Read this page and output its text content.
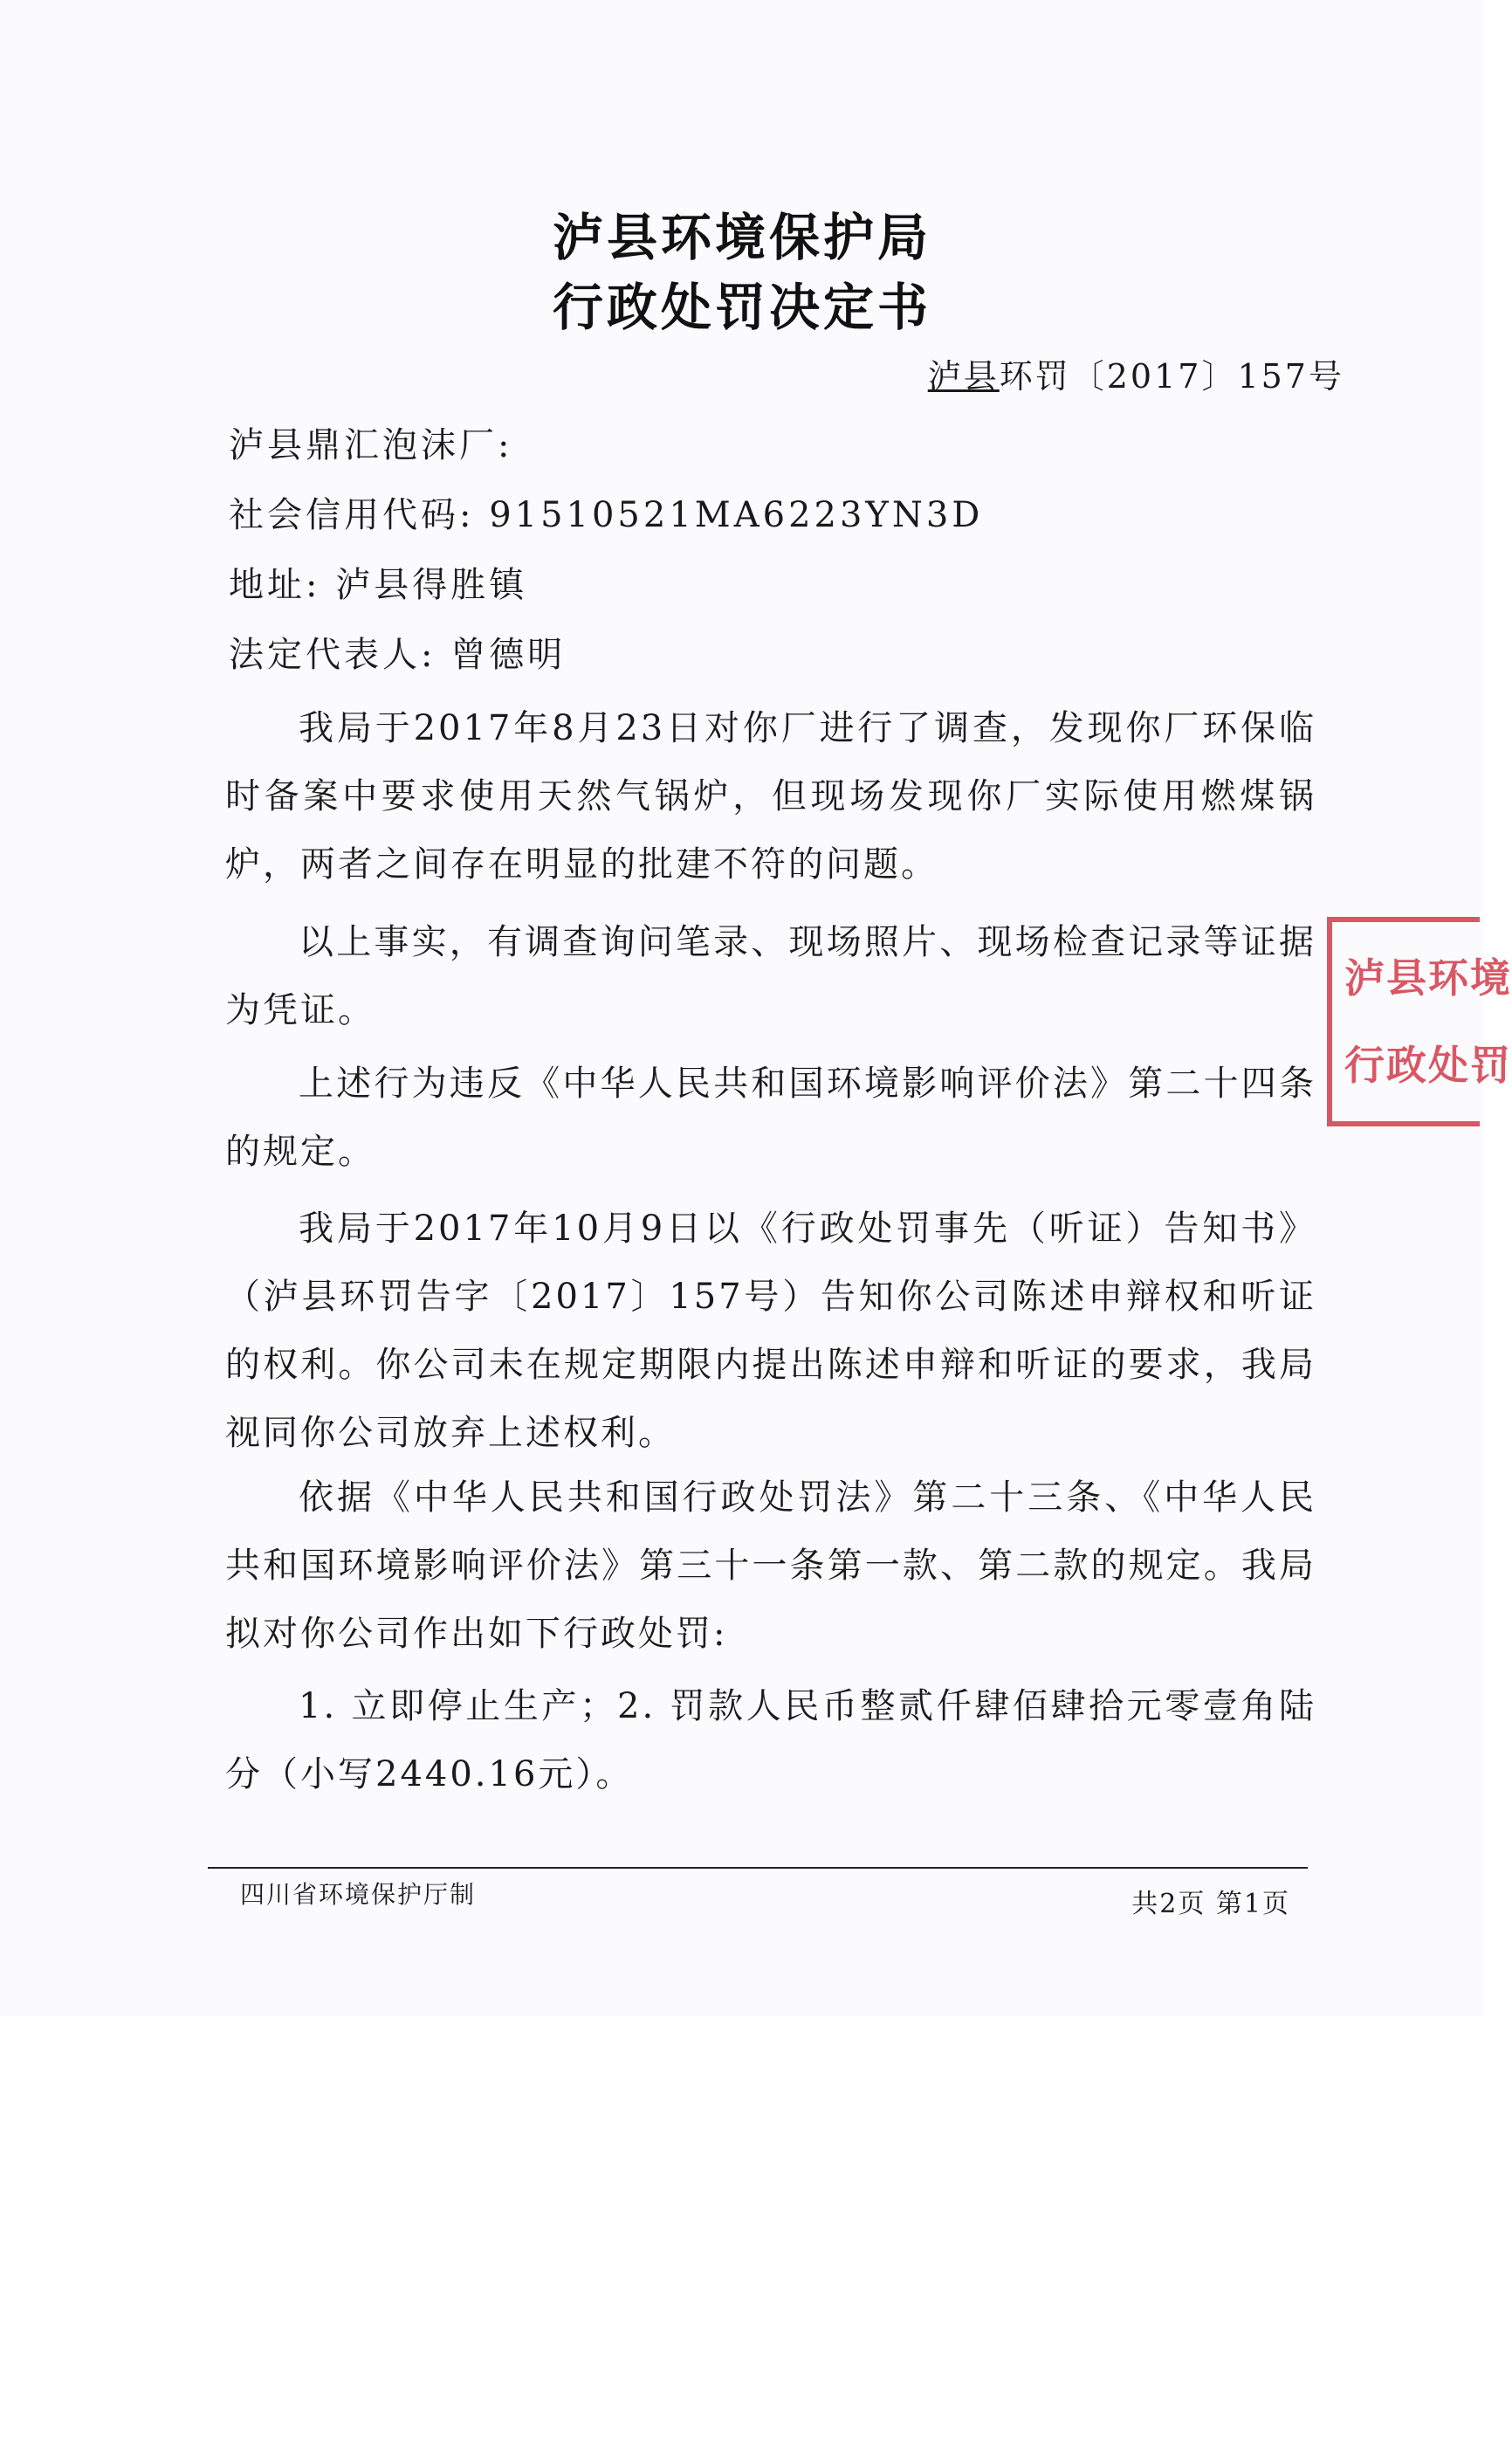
泸县环境保护局
行政处罚决定书
泸县环罚〔2017〕157号
泸县鼎汇泡沫厂:
社会信用代码: 91510521MA6223YN3D
地址: 泸县得胜镇
法定代表人: 曾德明

我局于2017年8月23日对你厂进行了调查，发现你厂环保临时备案中要求使用天然气锅炉，但现场发现你厂实际使用燃煤锅炉，两者之间存在明显的批建不符的问题。

以上事实，有调查询问笔录、现场照片、现场检查记录等证据为凭证。

上述行为违反《中华人民共和国环境影响评价法》第二十四条的规定。

我局于2017年10月9日以《行政处罚事先（听证）告知书》（泸县环罚告字〔2017〕157号）告知你公司陈述申辩权和听证的权利。你公司未在规定期限内提出陈述申辩和听证的要求，我局视同你公司放弃上述权利。

依据《中华人民共和国行政处罚法》第二十三条、《中华人民共和国环境影响评价法》第三十一条第一款、第二款的规定。我局拟对你公司作出如下行政处罚:

1. 立即停止生产；2. 罚款人民币整贰仟肆佰肆拾元零壹角陆分（小写2440.16元）。

四川省环境保护厅制	共2页 第1页
泸县环境
行政处罚
